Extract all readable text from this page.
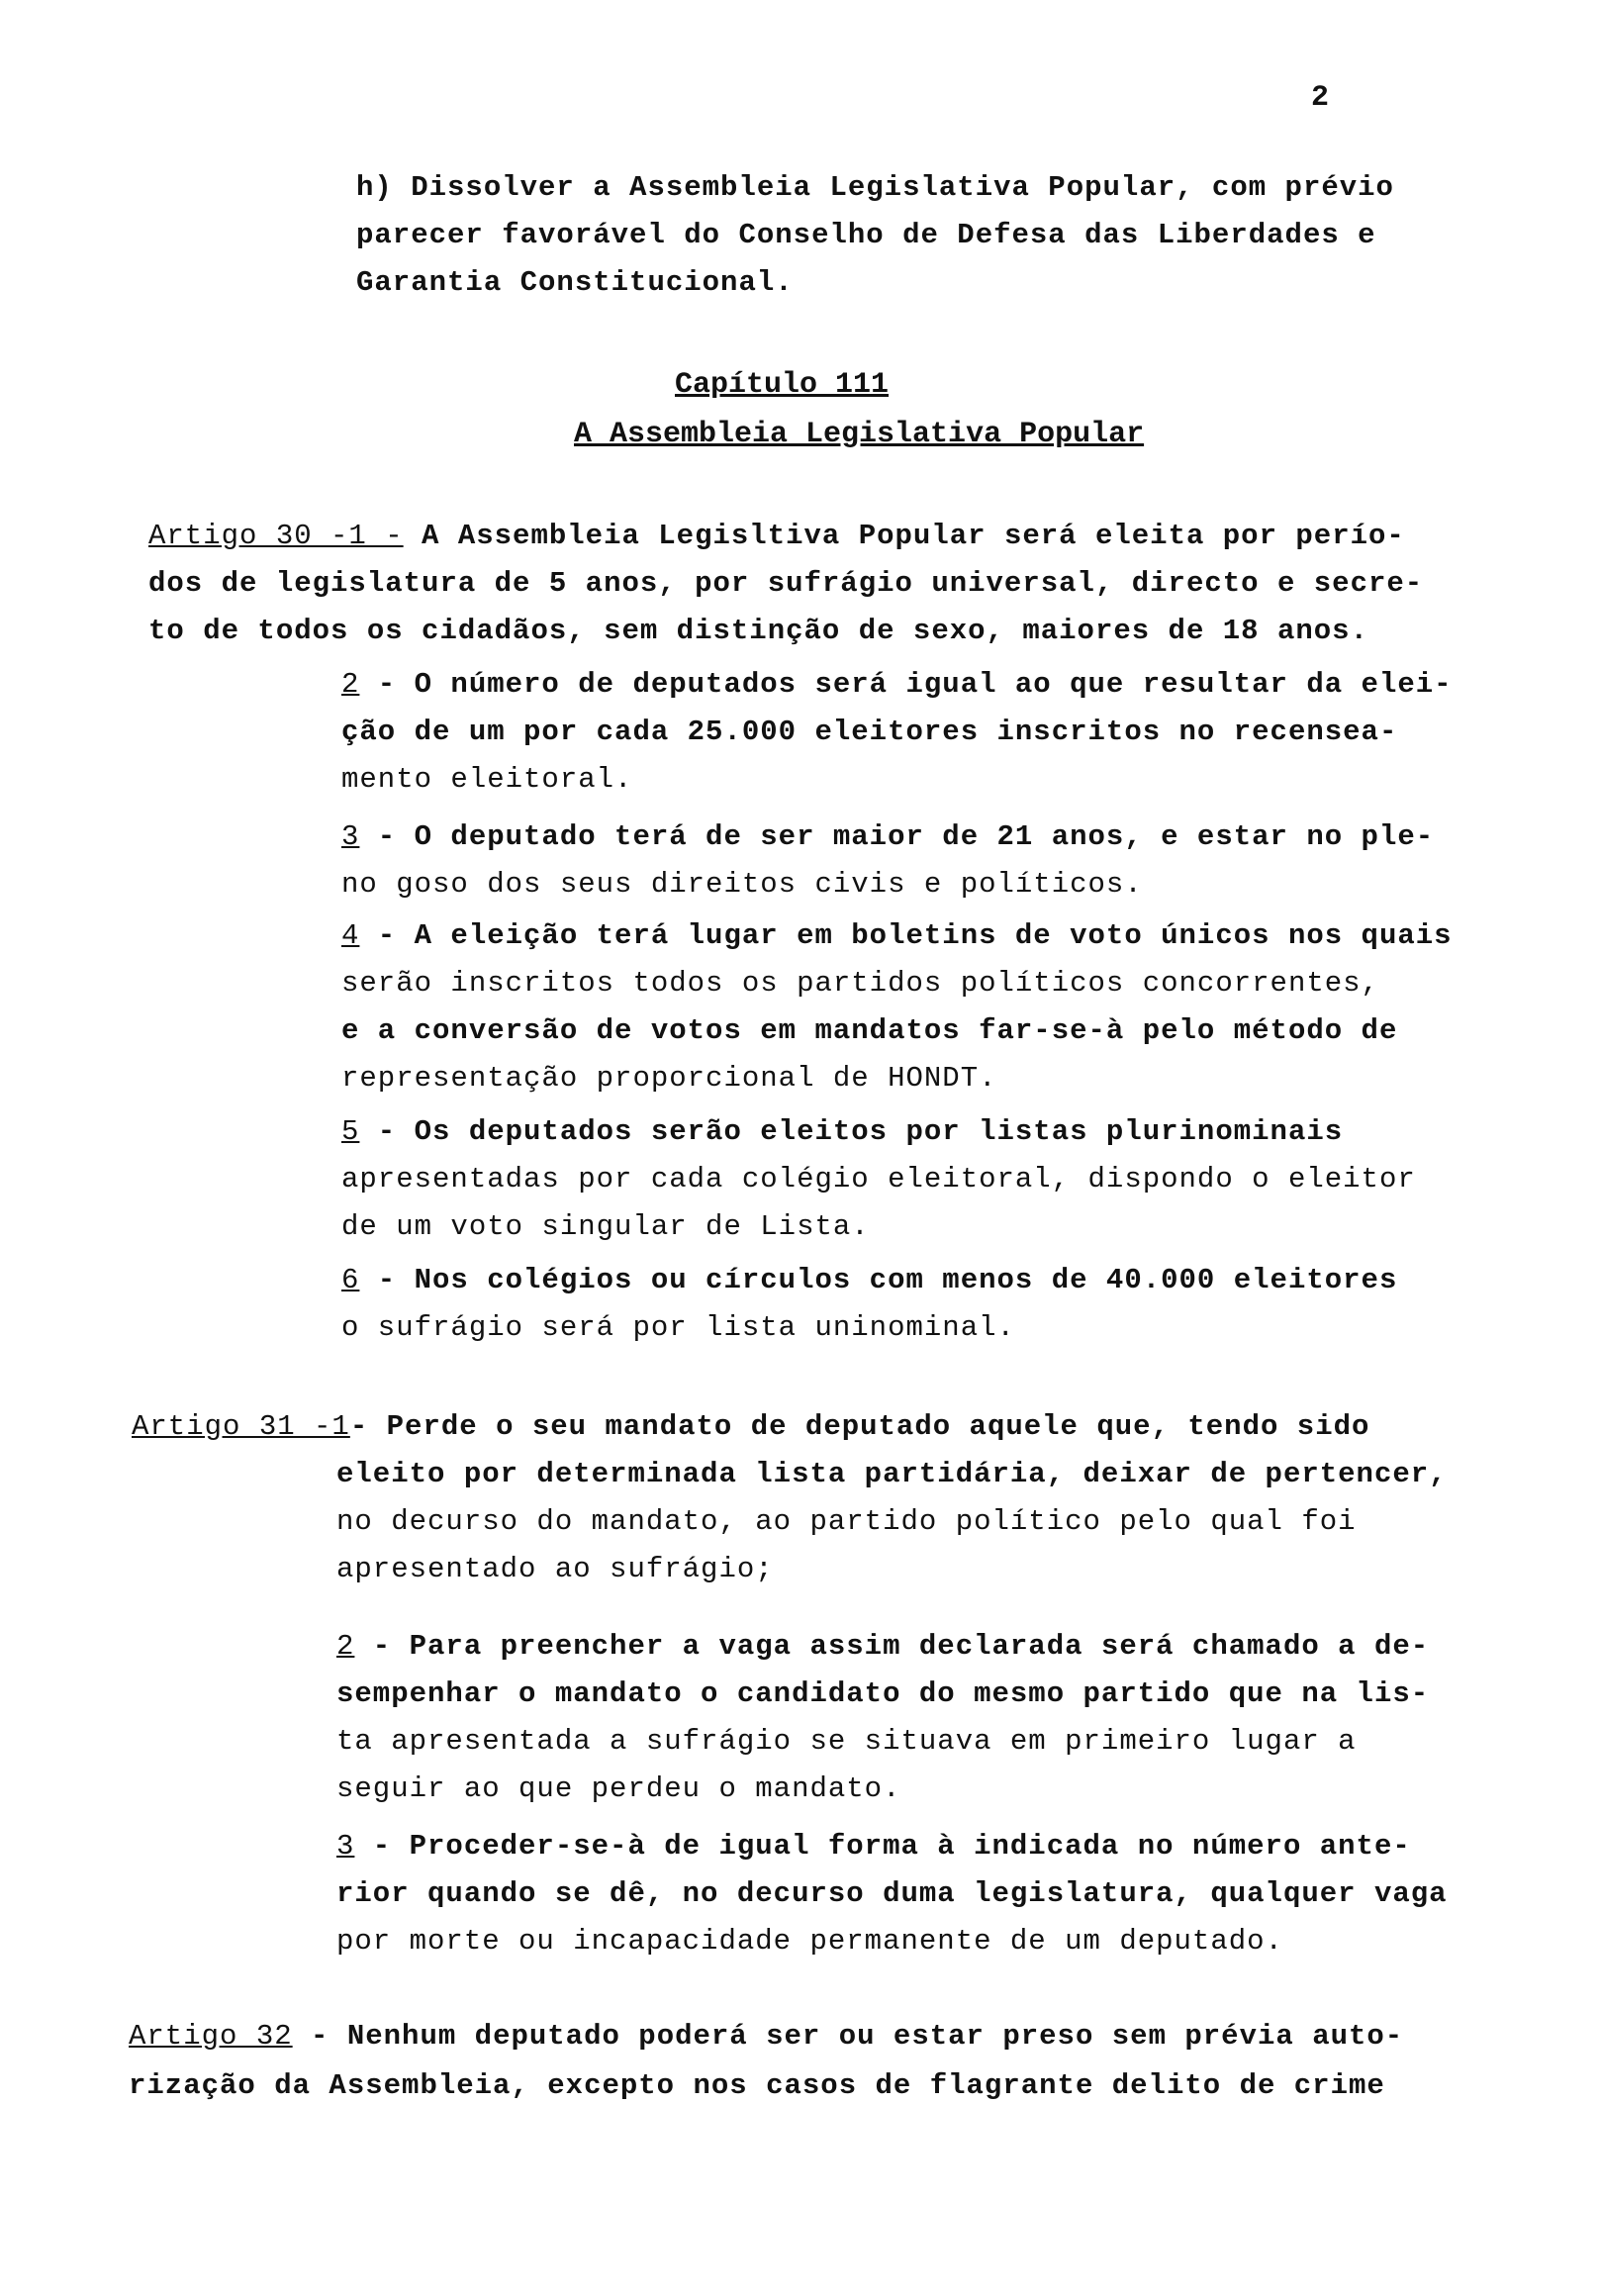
2
h) Dissolver a Assembleia Legislativa Popular, com prévio
parecer favorável do Conselho de Defesa das Liberdades e
Garantia Constitucional.
Capítulo 111
A Assembleia Legislativa Popular
Artigo 30 -1 - A Assembleia Legisltiva Popular será eleita por perío-
dos de legislatura de 5 anos, por sufrágio universal, directo e secre-
to de todos os cidadãos, sem distinção de sexo, maiores de 18 anos.
2 - O número de deputados será igual ao que resultar da elei-
ção de um por cada 25.000 eleitores inscritos no recenseа-
mento eleitoral.
3 - O deputado terá de ser maior de 21 anos, e estar no ple-
no goso dos seus direitos civis e políticos.
4 - A eleição terá lugar em boletins de voto únicos nos quais
serão inscritos todos os partidos políticos concorrentes,
e a conversão de votos em mandatos far-se-à pelo método de
representação proporcional de HONDT.
5 - Os deputados serão eleitos por listas plurinominais
apresentadas por cada colégio eleitoral, dispondo o eleitor
de um voto singular de Lista.
6 - Nos colégios ou círculos com menos de 40.000 eleitores
o sufrágio será por lista uninominal.
Artigo 31 -1- Perde o seu mandato de deputado aquele que, tendo sido
eleito por determinada lista partidária, deixar de pertencer,
no decurso do mandato, ao partido político pelo qual foi
apresentado ao sufrágio;
2 - Para preencher a vaga assim declarada será chamado a de-
sempenhar o mandato o candidato do mesmo partido que na lis-
ta apresentada a sufrágio se situava em primeiro lugar a
seguir ao que perdeu o mandato.
3 - Proceder-se-à de igual forma à indicada no número ante-
rior quando se dê, no decurso duma legislatura, qualquer vaga
por morte ou incapacidade permanente de um deputado.
Artigo 32 - Nenhum deputado poderá ser ou estar preso sem prévia auto-
rização da Assembleia, excepto nos casos de flagrante delito de crime
